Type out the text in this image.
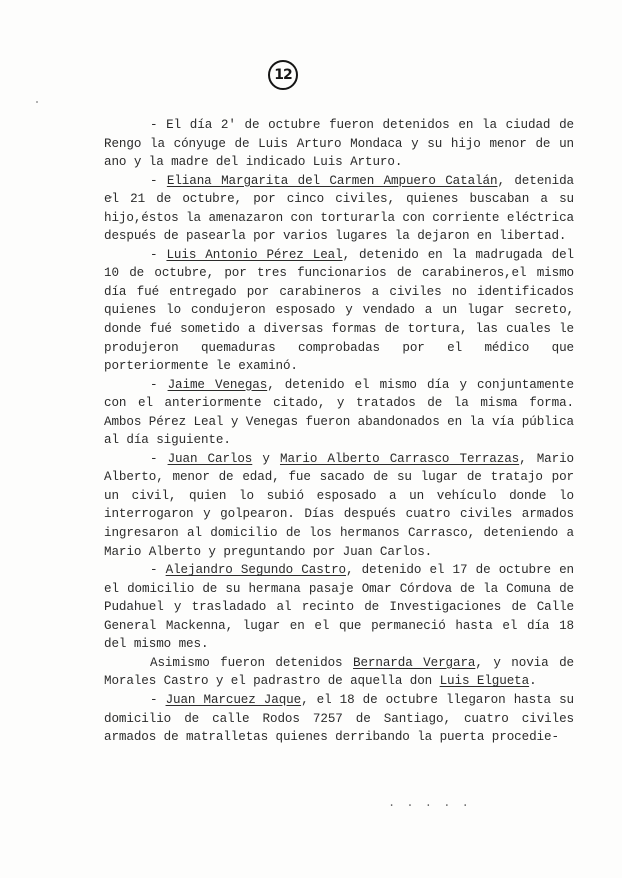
12

- El día 2' de octubre fueron detenidos en la ciudad de Rengo la cónyuge de Luis Arturo Mondaca y su hijo menor de un ano y la madre del indicado Luis Arturo.

- Eliana Margarita del Carmen Ampuero Catalán, detenida el 21 de octubre, por cinco civiles, quienes buscaban a su hijo,éstos la amenazaron con torturarla con corriente eléctrica después de pasearla por varios lugares la dejaron en libertad.

- Luis Antonio Pérez Leal, detenido en la madrugada del 10 de octubre, por tres funcionarios de carabineros,el mismo día fué entregado por carabineros a civiles no identificados quienes lo condujeron esposado y vendado a un lugar secreto, donde fué sometido a diversas formas de tortura, las cuales le produjeron quemaduras comprobadas por el médico que porteriormente le examinó.

- Jaime Venegas, detenido el mismo día y conjuntamente con el anteriormente citado, y tratados de la misma forma. Ambos Pérez Leal y Venegas fueron abandonados en la vía pública al día siguiente.

- Juan Carlos y Mario Alberto Carrasco Terrazas, Mario Alberto, menor de edad, fue sacado de su lugar de tratajo por un civil, quien lo subió esposado a un vehículo donde lo interrogaron y golpearon. Días después cuatro civiles armados ingresaron al domicilio de los hermanos Carrasco, deteniendo a Mario Alberto y preguntando por Juan Carlos.

- Alejandro Segundo Castro, detenido el 17 de octubre en el domicilio de su hermana pasaje Omar Córdova de la Comuna de Pudahuel y trasladado al recinto de Investigaciones de Calle General Mackenna, lugar en el que permaneció hasta el día 18 del mismo mes.

Asimismo fueron detenidos Bernarda Vergara, y novia de Morales Castro y el padrastro de aquella don Luis Elgueta.

- Juan Marcuez Jaque, el 18 de octubre llegaron hasta su domicilio de calle Rodos 7257 de Santiago, cuatro civiles armados de matralletas quienes derribando la puerta procedie-

. . . . .
